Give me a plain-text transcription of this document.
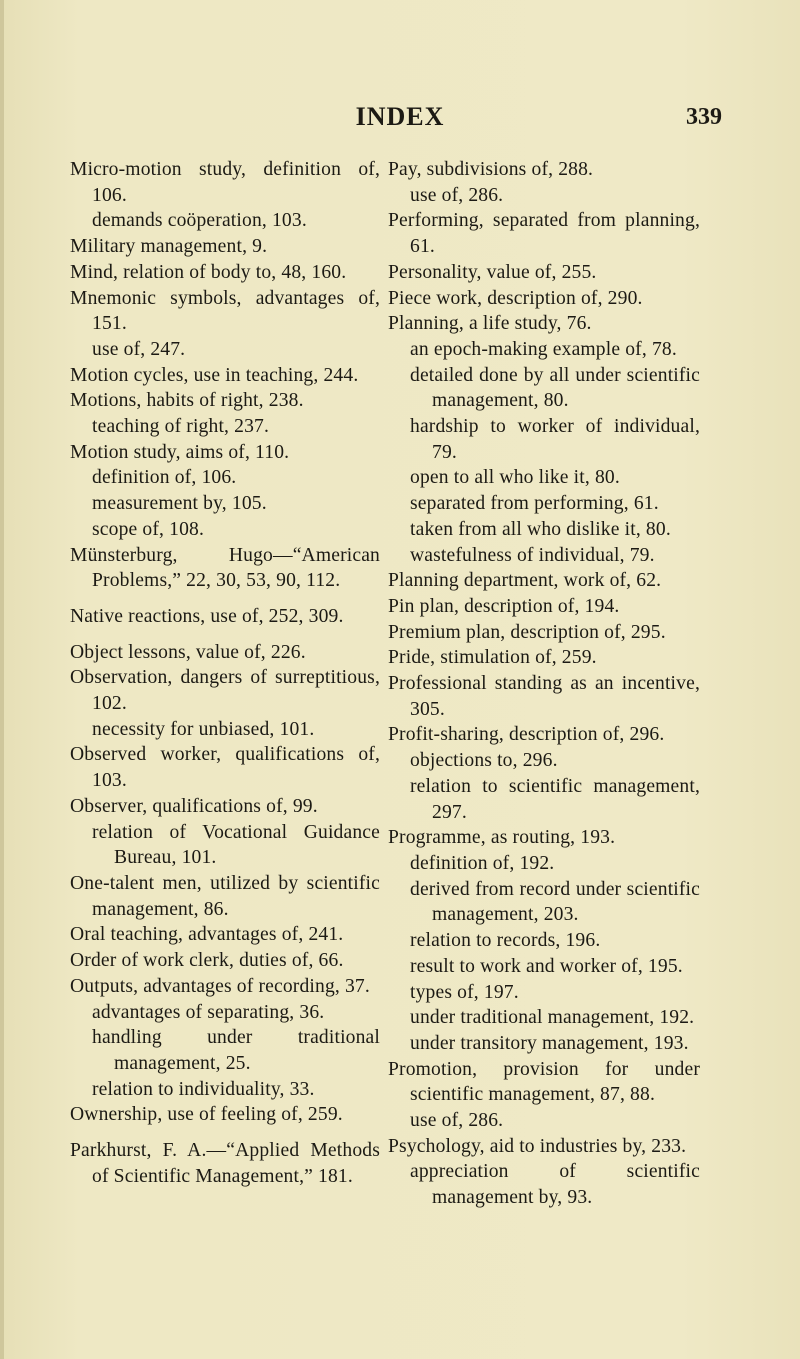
INDEX	339

Micro-motion study, definition of, 106.

demands coöperation, 103.

Military management, 9.

Mind, relation of body to, 48, 160.

Mnemonic symbols, advantages of, 151.

use of, 247.

Motion cycles, use in teaching, 244.

Motions, habits of right, 238.

teaching of right, 237.

Motion study, aims of, 110.

definition of, 106.

measurement by, 105.

scope of, 108.

Münsterburg, Hugo—“American Problems,” 22, 30, 53, 90, 112.

Native reactions, use of, 252, 309.

Object lessons, value of, 226.

Observation, dangers of surreptitious, 102.

necessity for unbiased, 101.

Observed worker, qualifications of, 103.

Observer, qualifications of, 99.

relation of Vocational Guidance Bureau, 101.

One-talent men, utilized by scientific management, 86.

Oral teaching, advantages of, 241.

Order of work clerk, duties of, 66.

Outputs, advantages of recording, 37.

advantages of separating, 36.

handling under traditional management, 25.

relation to individuality, 33.

Ownership, use of feeling of, 259.

Parkhurst, F. A.—“Applied Methods of Scientific Management,” 181.

Pay, subdivisions of, 288.

use of, 286.

Performing, separated from planning, 61.

Personality, value of, 255.

Piece work, description of, 290.

Planning, a life study, 76.

an epoch-making example of, 78.

detailed done by all under scientific management, 80.

hardship to worker of individual, 79.

open to all who like it, 80.

separated from performing, 61.

taken from all who dislike it, 80.

wastefulness of individual, 79.

Planning department, work of, 62.

Pin plan, description of, 194.

Premium plan, description of, 295.

Pride, stimulation of, 259.

Professional standing as an incentive, 305.

Profit-sharing, description of, 296.

objections to, 296.

relation to scientific management, 297.

Programme, as routing, 193.

definition of, 192.

derived from record under scientific management, 203.

relation to records, 196.

result to work and worker of, 195.

types of, 197.

under traditional management, 192.

under transitory management, 193.

Promotion, provision for under scientific management, 87, 88.

use of, 286.

Psychology, aid to industries by, 233.

appreciation of scientific management by, 93.
